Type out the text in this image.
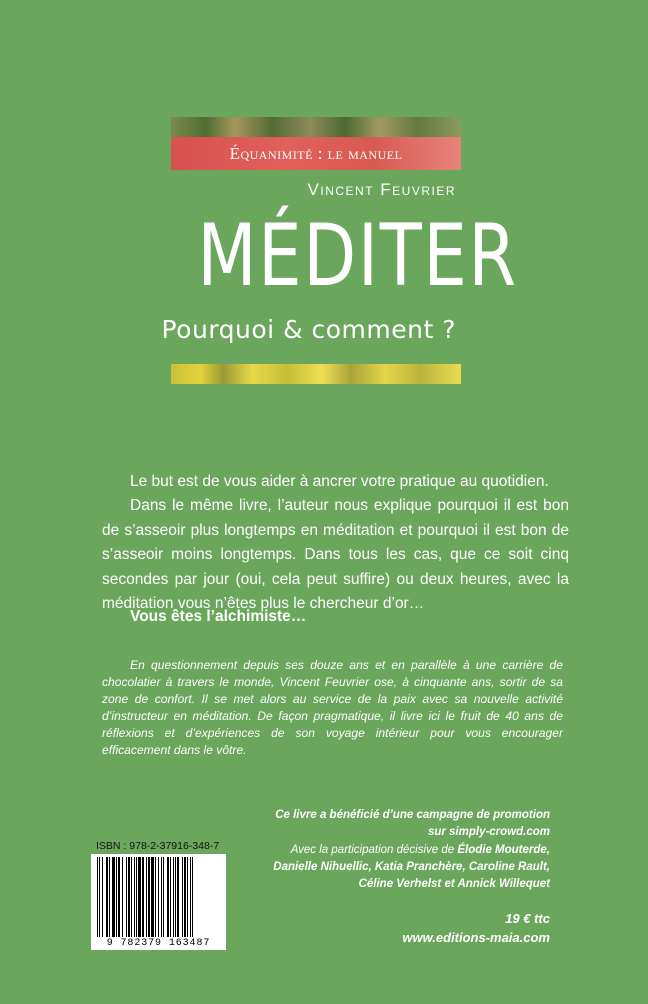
Équanimité : le manuel
Vincent Feuvrier
MÉDITER
Pourquoi & comment ?
Le but est de vous aider à ancrer votre pratique au quotidien.
Dans le même livre, l’auteur nous explique pourquoi il est bon de s’asseoir plus longtemps en méditation et pourquoi il est bon de s’asseoir moins longtemps. Dans tous les cas, que ce soit cinq secondes par jour (oui, cela peut suffire) ou deux heures, avec la méditation vous n’êtes plus le chercheur d’or…
Vous êtes l’alchimiste…
En questionnement depuis ses douze ans et en parallèle à une carrière de chocolatier à travers le monde, Vincent Feuvrier ose, à cinquante ans, sortir de sa zone de confort. Il se met alors au service de la paix avec sa nouvelle activité d’instructeur en méditation. De façon pragmatique, il livre ici le fruit de 40 ans de réflexions et d’expériences de son voyage intérieur pour vous encourager efficacement dans le vôtre.
Ce livre a bénéficié d’une campagne de promotion
sur simply-crowd.com
Avec la participation décisive de Élodie Mouterde,
Danielle Nihuellic, Katia Pranchère, Caroline Rault,
Céline Verhelst et Annick Willequet
19 € ttc
www.editions-maia.com
ISBN : 978-2-37916-348-7
9 782379 163487
